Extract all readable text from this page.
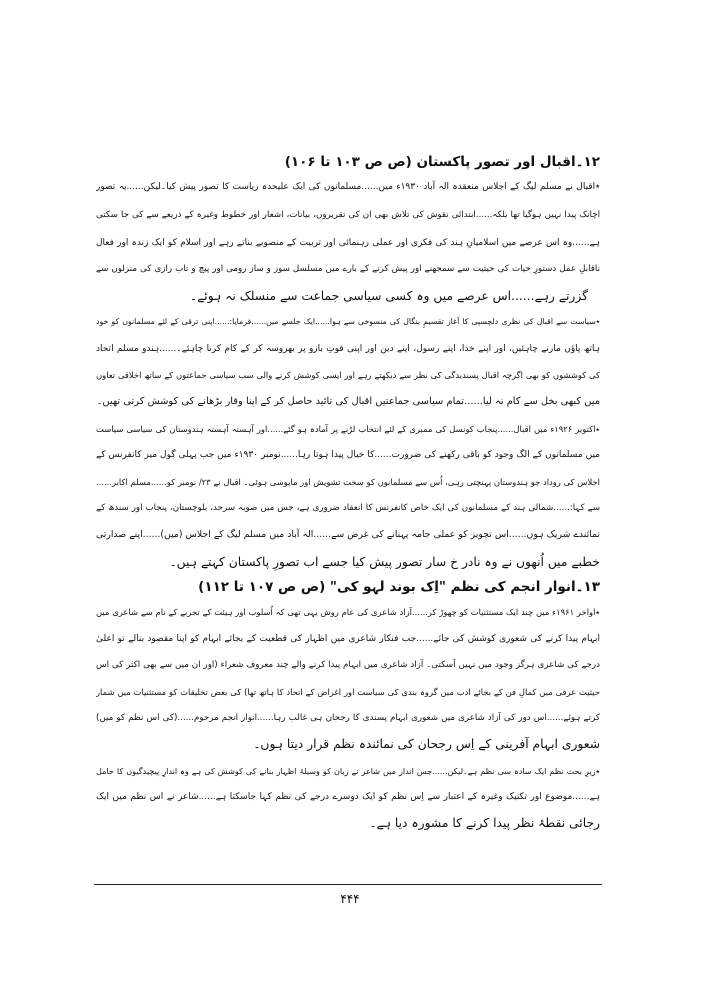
۱۲۔اقبال اور تصور پاکستان (ص ص ۱۰۳ تا ۱۰۶)
٭اقبال نے مسلم لیگ کے اجلاس منعقدہ الہ آباد ۱۹۳۰ء میں......مسلمانوں کی ایک علیحدہ ریاست کا تصور پیش کیا۔لیکن......یہ تصور
اچانک پیدا نہیں ہوگیا تھا بلکہ......ابتدائی نقوش کی تلاش بھی ان کی تقریروں، بیانات، اشعار اور خطوط وغیرہ کے ذریعے سے کی جا سکتی
ہے......وہ اس عرصے میں اسلامیانِ ہند کی فکری اور عملی رہنمائی اور تربیت کے منصوبے بناتے رہے اور اسلام کو ایک زندہ اور فعال
ناقابلِ عمل دستورِ حیات کی حیثیت سے سمجھنے اور پیش کرنے کے بارے میں مسلسل سوز و ساز رومی اور پیچ و تاب رازی کی منزلوں سے
گزرتے رہے......اس عرصے میں وہ کسی سیاسی جماعت سے منسلک نہ ہوئے۔
٭سیاست سے اقبال کی نظری دلچسپی کا آغاز تقسیمِ بنگال کی منسوخی سے ہوا......ایک جلسے میں......فرمایا:......اپنی ترقی کے لئے مسلمانوں کو خود
ہاتھ پاؤں مارنے چاہئیں، اور اپنے خدا، اپنے رسول، اپنے دین اور اپنی قوتِ بازو پر بھروسہ کر کے کام کرنا چاہئے۔......ہندو مسلم اتحاد
کی کوششوں کو بھی اگرچہ اقبال پسندیدگی کی نظر سے دیکھتے رہے اور ایسی کوشش کرنے والی سب سیاسی جماعتوں کے ساتھ اخلاقی تعاون
میں کبھی بخل سے کام نہ لیا......تمام سیاسی جماعتیں اقبال کی تائید حاصل کر کے اپنا وقار بڑھانے کی کوشش کرتی تھیں۔
٭اکتوبر ۱۹۲۶ء میں اقبال......پنجاب کونسل کی ممبری کے لئے انتخاب لڑنے پر آمادہ ہو گئے......اور آہستہ آہستہ ہندوستان کی سیاسی سیاست
میں مسلمانوں کے الگ وجود کو باقی رکھنے کی ضرورت......کا خیال پیدا ہوتا رہا......نومبر ۱۹۳۰ء میں جب پہلی گول میز کانفرنس کے
اجلاس کی روداد جو ہندوستان پہنچتی رہی، اُس سے مسلمانوں کو سخت تشویش اور مایوسی ہوئی۔ اقبال نے ۲۳/ نومبر کو......مسلم اکابر......
سے کہا:......شمالی ہند کے مسلمانوں کی ایک خاص کانفرنس کا انعقاد ضروری ہے، جس میں صوبہ سرحد، بلوچستان، پنجاب اور سندھ کے
نمائندے شریک ہوں......اس تجویز کو عملی جامہ پہنانے کی غرض سے......الہ آباد میں مسلم لیگ کے اجلاس (میں)......اپنے صدارتی
خطبے میں اُنھوں نے وہ نادر خ سار تصور پیش کیا جسے اب تصورِ پاکستان کہتے ہیں۔
۱۳۔انوار انجم کی نظم "اِک بوند لہو کی" (ص ص ۱۰۷ تا ۱۱۲)
٭اواخر ۱۹۶۱ء میں چند ایک مستثنیات کو چھوڑ کر......آزاد شاعری کی عام روش یہی تھی کہ اُسلوب اور ہیئت کے تجربے کے نام سے شاعری میں
ابہام پیدا کرنے کی شعوری کوشش کی جائے......جب فنکار شاعری میں اظہار کی قطعیت کے بجائے ابہام کو اپنا مقصود بنالے تو اعلیٰ
درجے کی شاعری ہرگز وجود میں نہیں آسکتی۔ آزاد شاعری میں ابہام پیدا کرنے والے چند معروف شعراء (اور ان میں سے بھی اکثر کی اس
حیثیت عرفی میں کمالِ فن کے بجائے ادب میں گروہ بندی کی سیاست اور اغراض کے اتحاد کا ہاتھ تھا) کی بعض تخلیقات کو مستثنیات میں شمار
کرتے ہوئے......اس دور کی آزاد شاعری میں شعوری ابہام پسندی کا رجحان ہی غالب رہا......انوار انجم مرحوم......(کی اس نظم کو میں)
شعوری ابہام آفرینی کے اِس رجحان کی نمائندہ نظم قرار دیتا ہوں۔
٭زیرِ بحث نظم ایک سادہ سی نظم ہے۔لیکن......جس انداز میں شاعر نے زبان کو وسیلۂ اظہار بنانے کی کوشش کی ہے وہ اندازِ پیچیدگیوں کا حامل
ہے......موضوع اور تکنیک وغیرہ کے اعتبار سے اِس نظم کو ایک دوسرے درجے کی نظم کہا جاسکتا ہے......شاعر نے اس نظم میں ایک
رجائی نقطۂ نظر پیدا کرنے کا مشورہ دیا ہے۔
۴۴۴
